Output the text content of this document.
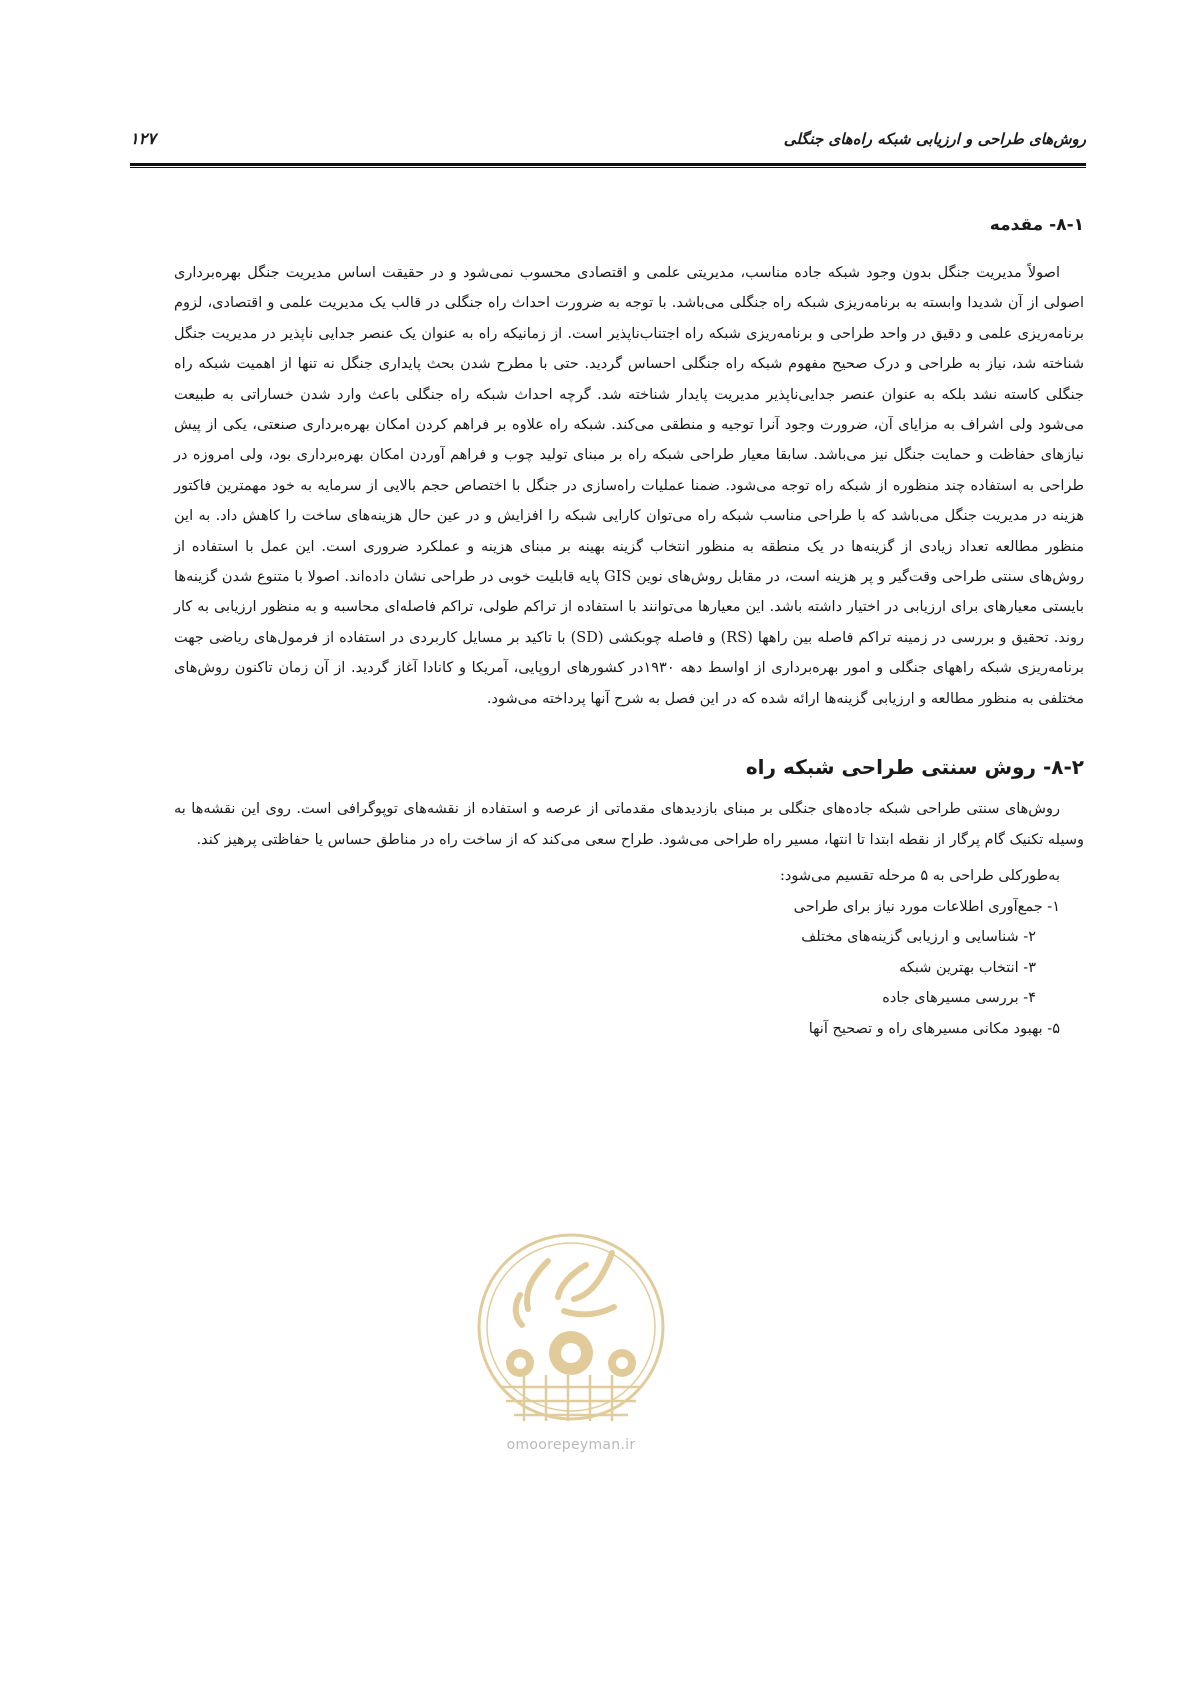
روش‌های طراحی و ارزیابی شبکه راه‌های جنگلی
۱۲۷
۸-۱- مقدمه

اصولاً مدیریت جنگل بدون وجود شبکه جاده مناسب، مدیریتی علمی و اقتصادی محسوب نمی‌شود و در حقیقت اساس مدیریت جنگل بهره‌برداری اصولی از آن شدیدا وابسته به برنامه‌ریزی شبکه راه جنگلی می‌باشد. با توجه به ضرورت احداث راه جنگلی در قالب یک مدیریت علمی و اقتصادی، لزوم برنامه‌ریزی علمی و دقیق در واحد طراحی و برنامه‌ریزی شبکه راه اجتناب‌ناپذیر است. از زمانیکه راه به عنوان یک عنصر جدایی ناپذیر در مدیریت جنگل شناخته شد، نیاز به طراحی و درک صحیح مفهوم شبکه راه جنگلی احساس گردید. حتی با مطرح شدن بحث پایداری جنگل نه تنها از اهمیت شبکه راه جنگلی کاسته نشد بلکه به عنوان عنصر جدایی‌ناپذیر مدیریت پایدار شناخته شد. گرچه احداث شبکه راه جنگلی باعث وارد شدن خساراتی به طبیعت می‌شود ولی اشراف به مزایای آن، ضرورت وجود آنرا توجیه و منطقی می‌کند. شبکه راه علاوه بر فراهم کردن امکان بهره‌برداری صنعتی، یکی از پیش نیازهای حفاظت و حمایت جنگل نیز می‌باشد. سابقا معیار طراحی شبکه راه بر مبنای تولید چوب و فراهم آوردن امکان بهره‌برداری بود، ولی امروزه در طراحی به استفاده چند منظوره از شبکه راه توجه می‌شود. ضمنا عملیات راه‌سازی در جنگل با اختصاص حجم بالایی از سرمایه به خود مهمترین فاکتور هزینه در مدیریت جنگل می‌باشد که با طراحی مناسب شبکه راه می‌توان کارایی شبکه را افزایش و در عین حال هزینه‌های ساخت را کاهش داد. به این منظور مطالعه تعداد زیادی از گزینه‌ها در یک منطقه به منظور انتخاب گزینه بهینه بر مبنای هزینه و عملکرد ضروری است. این عمل با استفاده از روش‌های سنتی طراحی وقت‌گیر و پر هزینه است، در مقابل روش‌های نوین GIS پایه قابلیت خوبی در طراحی نشان داده‌اند. اصولا با متنوع شدن گزینه‌ها بایستی معیارهای برای ارزیابی در اختیار داشته باشد. این معیارها می‌توانند با استفاده از تراکم طولی، تراکم فاصله‌ای محاسبه و به منظور ارزیابی به کار روند. تحقیق و بررسی در زمینه تراکم فاصله بین راهها (RS) و فاصله چوبکشی (SD) با تاکید بر مسایل کاربردی در استفاده از فرمول‌های ریاضی جهت برنامه‌ریزی شبکه راههای جنگلی و امور بهره‌برداری از اواسط دهه ۱۹۳۰در کشورهای اروپایی، آمریکا و کانادا آغاز گردید. از آن زمان تاکنون روش‌های مختلفی به منظور مطالعه و ارزیابی گزینه‌ها ارائه شده که در این فصل به شرح آنها پرداخته می‌شود.

۸-۲- روش سنتی طراحی شبکه راه

روش‌های سنتی طراحی شبکه جاده‌های جنگلی بر مبنای بازدیدهای مقدماتی از عرصه و استفاده از نقشه‌های توپوگرافی است. روی این نقشه‌ها به وسیله تکنیک گام پرگار از نقطه ابتدا تا انتها، مسیر راه طراحی می‌شود. طراح سعی می‌کند که از ساخت راه در مناطق حساس یا حفاظتی پرهیز کند.

به‌طورکلی طراحی به ۵ مرحله تقسیم می‌شود:
۱- جمع‌آوری اطلاعات مورد نیاز برای طراحی
۲- شناسایی و ارزیابی گزینه‌های مختلف
۳- انتخاب بهترین شبکه
۴- بررسی مسیرهای جاده
۵- بهبود مکانی مسیرهای راه و تصحیح آنها
omoorepeyman.ir
